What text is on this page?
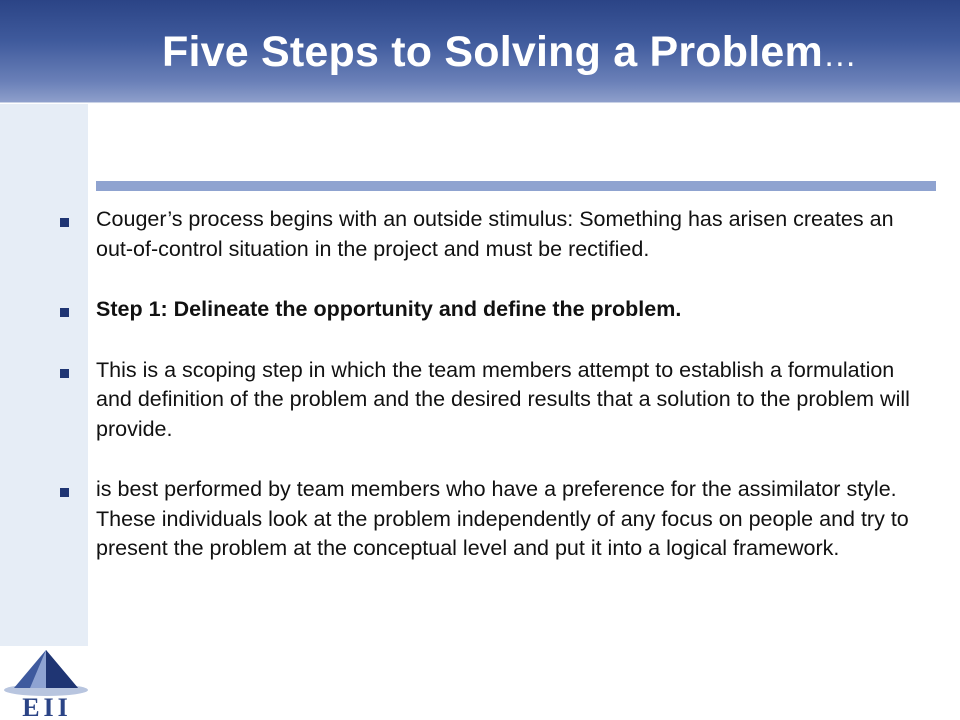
Five Steps to Solving a Problem…
Couger’s process begins with an outside stimulus: Something has arisen creates an out-of-control situation in the project and must be rectified.
Step 1: Delineate the opportunity and define the problem.
This is a scoping step in which the team members attempt to establish a formulation and definition of the problem and the desired results that a solution to the problem will provide.
is best performed by team members who have a preference for the assimilator style. These individuals look at the problem independently of any focus on people and try to present the problem at the conceptual level and put it into a logical framework.
EII
